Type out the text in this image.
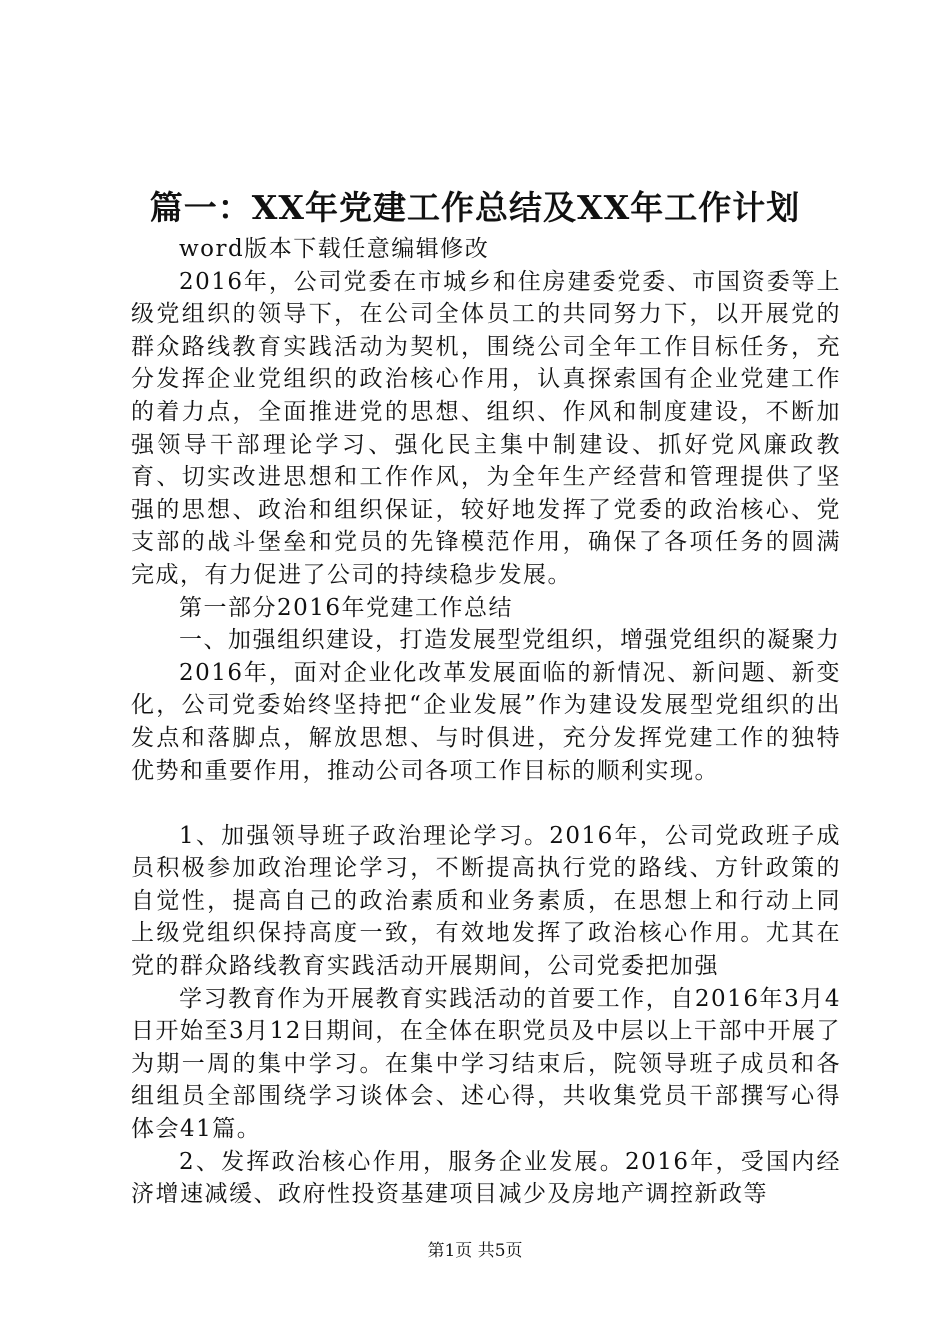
篇一：XX年党建工作总结及XX年工作计划

word版本下载任意编辑修改

2016年，公司党委在市城乡和住房建委党委、市国资委等上级党组织的领导下，在公司全体员工的共同努力下，以开展党的群众路线教育实践活动为契机，围绕公司全年工作目标任务，充分发挥企业党组织的政治核心作用，认真探索国有企业党建工作的着力点，全面推进党的思想、组织、作风和制度建设，不断加强领导干部理论学习、强化民主集中制建设、抓好党风廉政教育、切实改进思想和工作作风，为全年生产经营和管理提供了坚强的思想、政治和组织保证，较好地发挥了党委的政治核心、党支部的战斗堡垒和党员的先锋模范作用，确保了各项任务的圆满完成，有力促进了公司的持续稳步发展。

第一部分2016年党建工作总结

一、加强组织建设，打造发展型党组织，增强党组织的凝聚力

2016年，面对企业化改革发展面临的新情况、新问题、新变化，公司党委始终坚持把“企业发展”作为建设发展型党组织的出发点和落脚点，解放思想、与时俱进，充分发挥党建工作的独特优势和重要作用，推动公司各项工作目标的顺利实现。

1、加强领导班子政治理论学习。2016年，公司党政班子成员积极参加政治理论学习，不断提高执行党的路线、方针政策的自觉性，提高自己的政治素质和业务素质，在思想上和行动上同上级党组织保持高度一致，有效地发挥了政治核心作用。尤其在党的群众路线教育实践活动开展期间，公司党委把加强

学习教育作为开展教育实践活动的首要工作，自2016年3月4日开始至3月12日期间，在全体在职党员及中层以上干部中开展了为期一周的集中学习。在集中学习结束后，院领导班子成员和各组组员全部围绕学习谈体会、述心得，共收集党员干部撰写心得体会41篇。

2、发挥政治核心作用，服务企业发展。2016年，受国内经济增速减缓、政府性投资基建项目减少及房地产调控新政等

第1页 共5页
